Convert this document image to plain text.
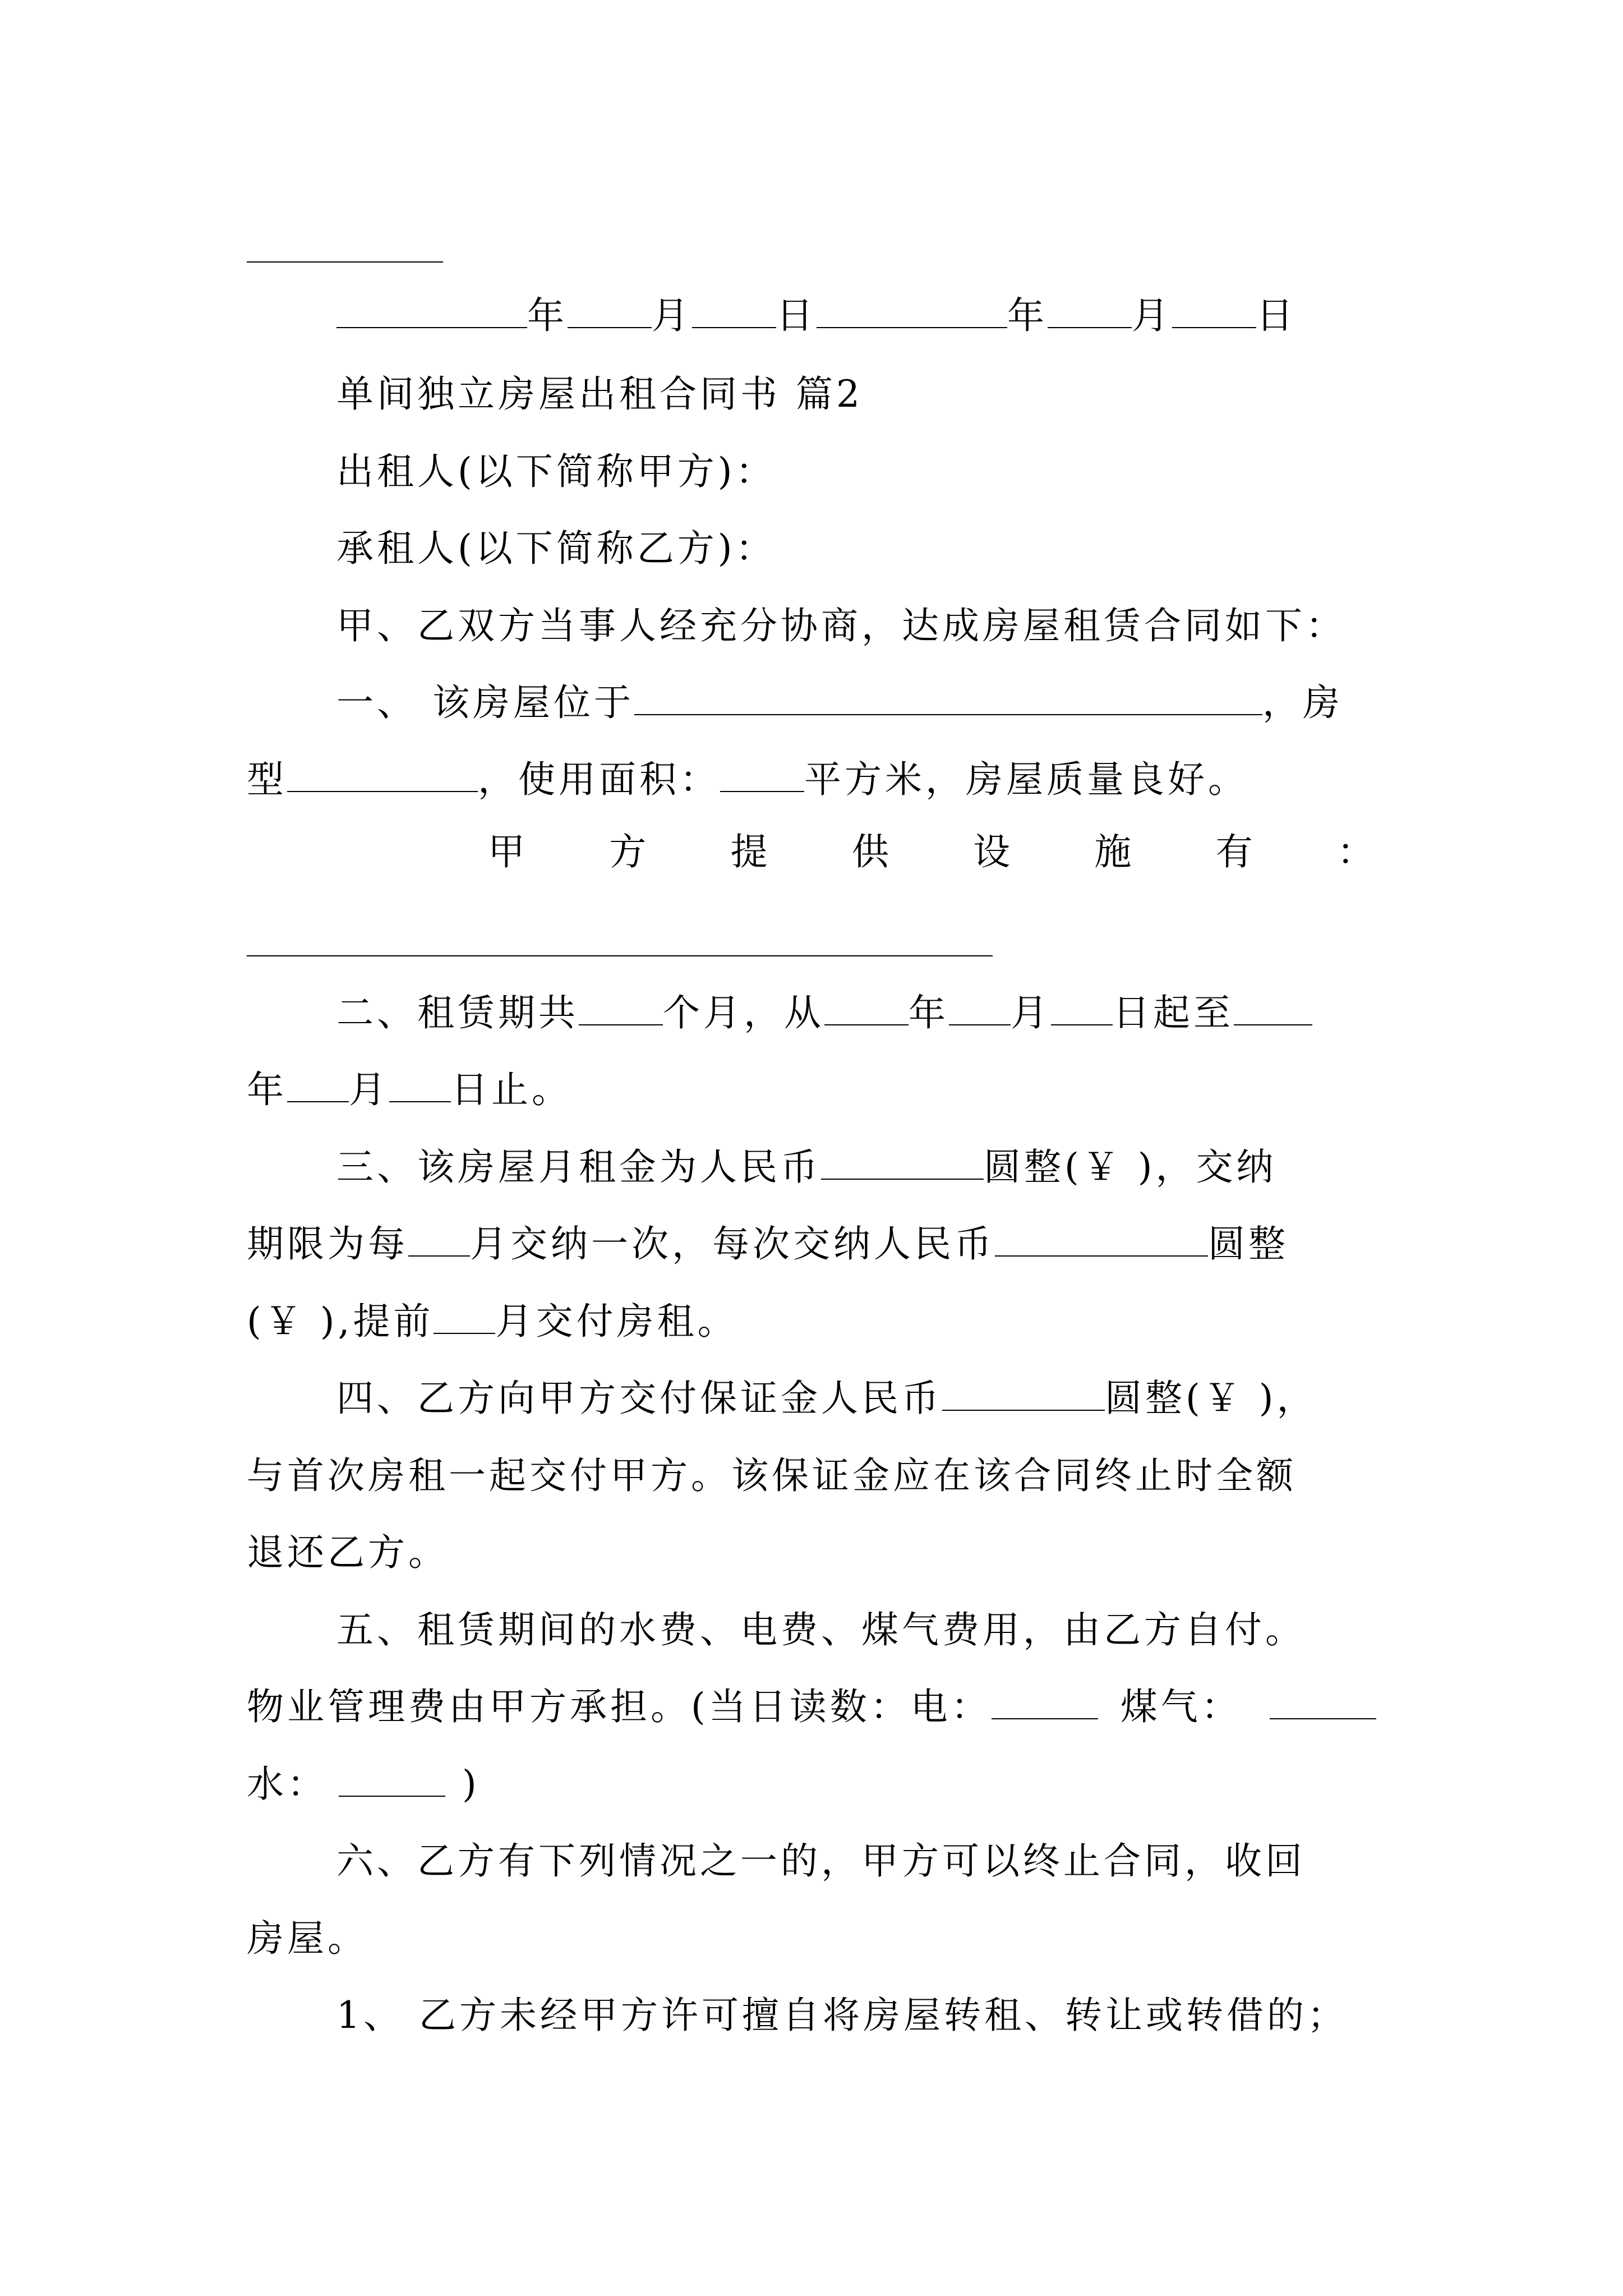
年 月 日	年 月 日
单间独立房屋出租合同书 篇2
出租人(以下简称甲方)：
承租人(以下简称乙方)：
甲、乙双方当事人经充分协商，达成房屋租赁合同如下：
一、 该房屋位于	，房
型	，使用面积： 平方米，房屋质量良好。
甲 方 提 供 设 施 有 ：
二、租赁期共 个月，从 年 月 日起至
年 月 日止。
三、该房屋月租金为人民币	圆整(￥ )，交纳
期限为每 月交纳一次，每次交纳人民币	圆整
(￥ ),提前 月交付房租。
四、乙方向甲方交付保证金人民币	圆整(￥ )，
与首次房租一起交付甲方。该保证金应在该合同终止时全额
退还乙方。
五、租赁期间的水费、电费、煤气费用，由乙方自付。
物业管理费由甲方承担。(当日读数：电：	煤气：
水：	)
六、乙方有下列情况之一的，甲方可以终止合同，收回
房屋。
1、 乙方未经甲方许可擅自将房屋转租、转让或转借的；
